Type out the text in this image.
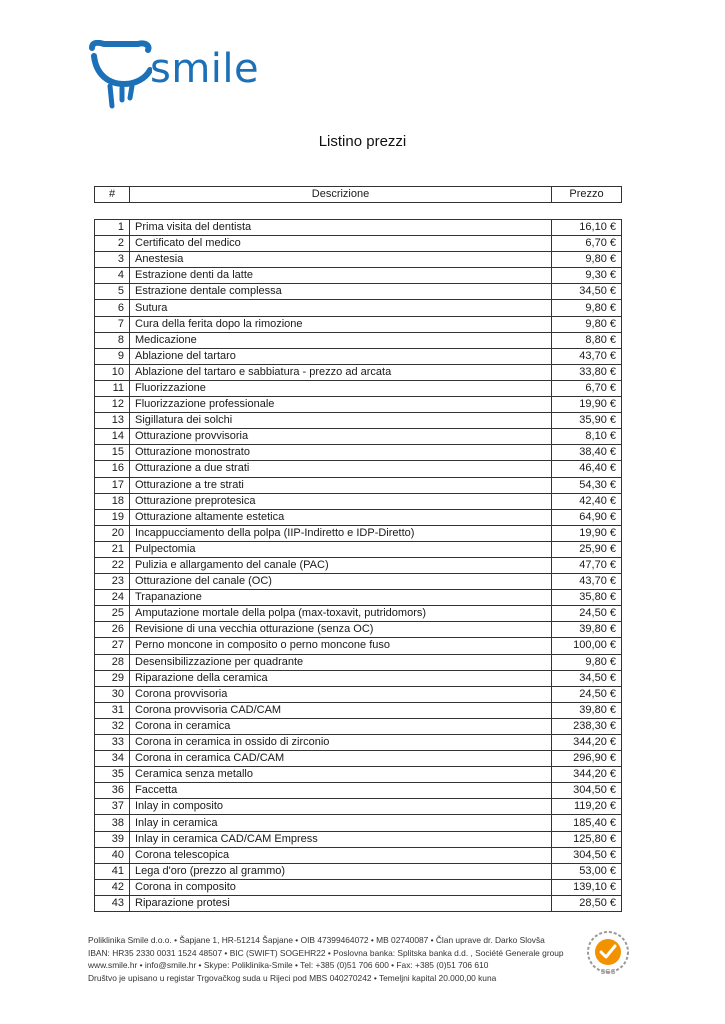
smile
Listino prezzi
#	Descrizione	Prezzo
1	Prima visita del dentista	16,10 €
2	Certificato del medico	6,70 €
3	Anestesia	9,80 €
4	Estrazione denti da latte	9,30 €
5	Estrazione dentale complessa	34,50 €
6	Sutura	9,80 €
7	Cura della ferita dopo la rimozione	9,80 €
8	Medicazione	8,80 €
9	Ablazione del tartaro	43,70 €
10	Ablazione del tartaro e sabbiatura - prezzo ad arcata	33,80 €
11	Fluorizzazione	6,70 €
12	Fluorizzazione professionale	19,90 €
13	Sigillatura dei solchi	35,90 €
14	Otturazione provvisoria	8,10 €
15	Otturazione monostrato	38,40 €
16	Otturazione a due strati	46,40 €
17	Otturazione a tre strati	54,30 €
18	Otturazione preprotesica	42,40 €
19	Otturazione altamente estetica	64,90 €
20	Incappucciamento della polpa (IIP-Indiretto e IDP-Diretto)	19,90 €
21	Pulpectomia	25,90 €
22	Pulizia e allargamento del canale (PAC)	47,70 €
23	Otturazione del canale (OC)	43,70 €
24	Trapanazione	35,80 €
25	Amputazione mortale della polpa (max-toxavit, putridomors)	24,50 €
26	Revisione di una vecchia otturazione (senza OC)	39,80 €
27	Perno moncone in composito o perno moncone fuso	100,00 €
28	Desensibilizzazione per quadrante	9,80 €
29	Riparazione della ceramica	34,50 €
30	Corona provvisoria	24,50 €
31	Corona provvisoria CAD/CAM	39,80 €
32	Corona in ceramica	238,30 €
33	Corona in ceramica in ossido di zirconio	344,20 €
34	Corona in ceramica CAD/CAM	296,90 €
35	Ceramica senza metallo	344,20 €
36	Faccetta	304,50 €
37	Inlay in composito	119,20 €
38	Inlay in ceramica	185,40 €
39	Inlay in ceramica CAD/CAM Empress	125,80 €
40	Corona telescopica	304,50 €
41	Lega d'oro (prezzo al grammo)	53,00 €
42	Corona in composito	139,10 €
43	Riparazione protesi	28,50 €
Poliklinika Smile d.o.o. • Šapjane 1, HR-51214 Šapjane • OIB 47399464072 • MB 02740087 • Član uprave dr. Darko Slovša
IBAN: HR35 2330 0031 1524 48507 • BIC (SWIFT) SOGEHR22 • Poslovna banka: Splitska banka d.d. , Société Generale group
www.smile.hr • info@smile.hr • Skype: Poliklinika-Smile • Tel: +385 (0)51 706 600 • Fax: +385 (0)51 706 610
Društvo je upisano u registar Trgovačkog suda u Rijeci pod MBS 040270242 • Temeljni kapital 20.000,00 kuna
SGS
